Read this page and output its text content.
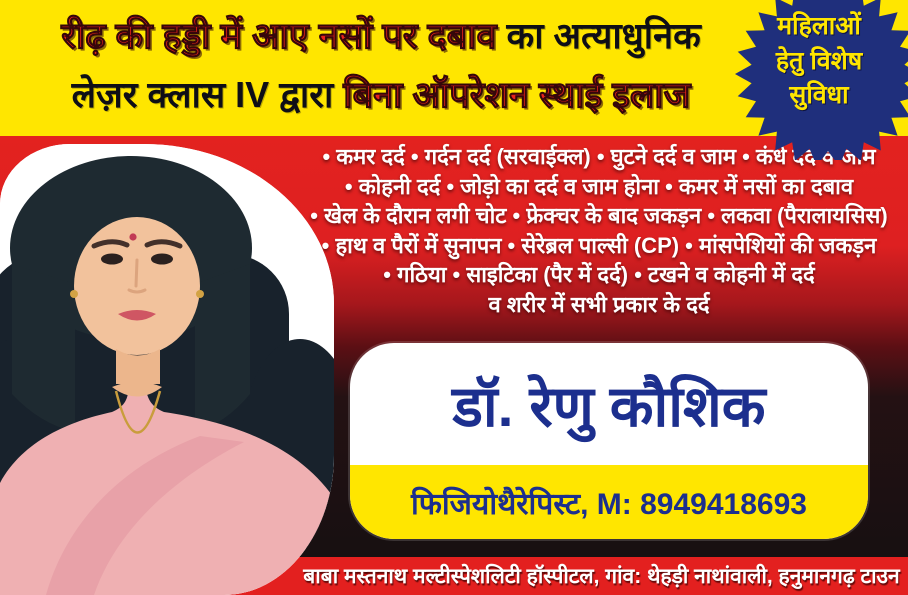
रीढ़ की हड्डी में आए नसों पर दबाव का अत्याधुनिक
लेज़र क्लास IV द्वारा बिना ऑपरेशन स्थाई इलाज
• कमर दर्द • गर्दन दर्द (सरवाईक्ल) • घुटने दर्द व जाम • कंधे दर्द व जाम
• कोहनी दर्द • जोड़ो का दर्द व जाम होना • कमर में नसों का दबाव
• खेल के दौरान लगी चोट • फ्रेक्चर के बाद जकड़न • लकवा (पैरालायसिस)
• हाथ व पैरों में सुनापन • सेरेब्रल पाल्सी (CP) • मांसपेशियों की जकड़न
• गठिया • साइटिका (पैर में दर्द) • टखने व कोहनी में दर्द
व शरीर में सभी प्रकार के दर्द
महिलाओं
हेतु विशेष
सुविधा
डॉ. रेणु कौशिक
फिजियोथैरेपिस्ट, M: 8949418693
बाबा मस्तनाथ मल्टीस्पेशलिटी हॉस्पीटल, गांव: थेहड़ी नाथांवाली, हनुमानगढ़ टाउन
